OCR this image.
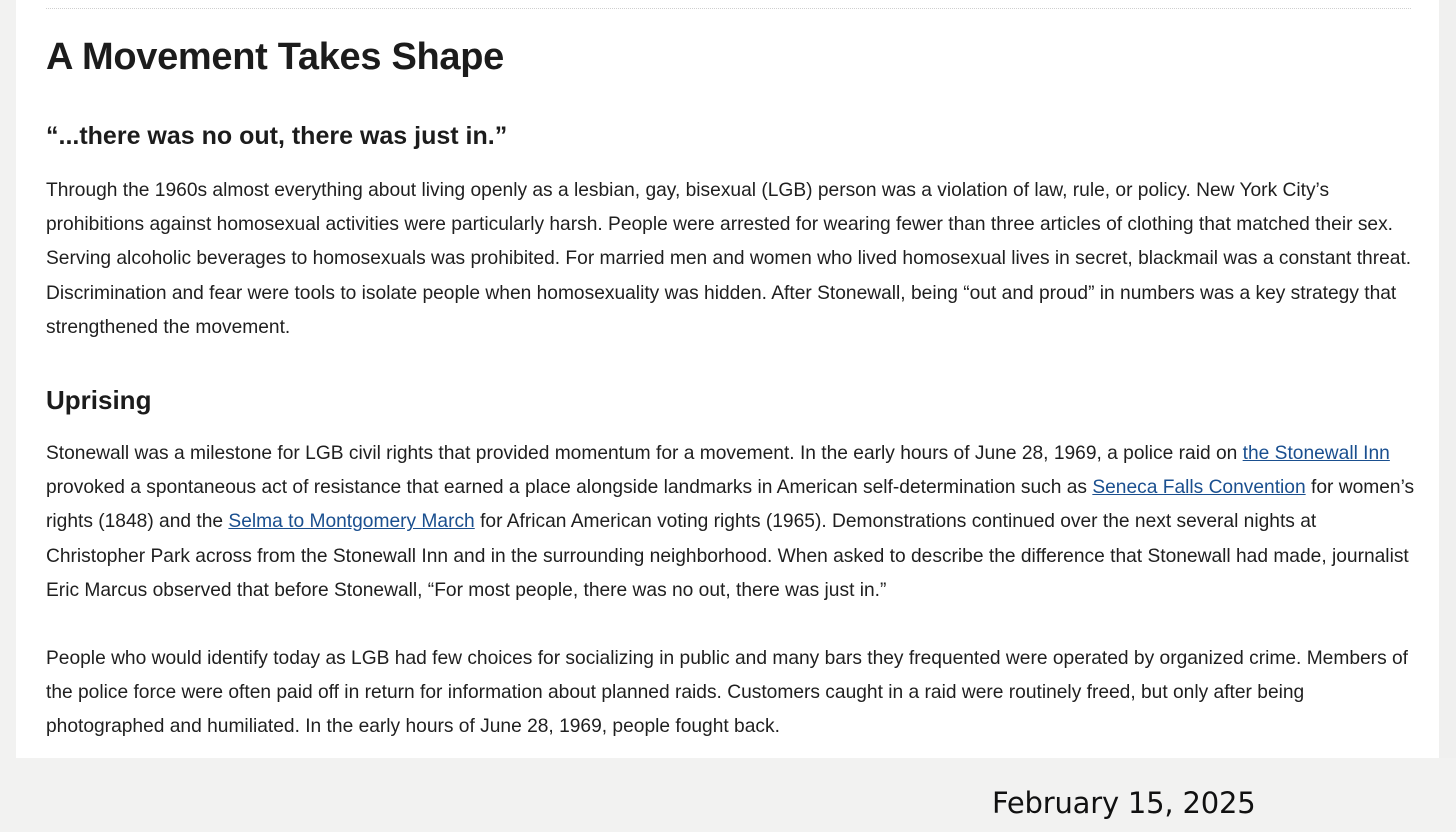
A Movement Takes Shape
“...there was no out, there was just in.”

Through the 1960s almost everything about living openly as a lesbian, gay, bisexual (LGB) person was a violation of law, rule, or policy. New York City’s prohibitions against homosexual activities were particularly harsh. People were arrested for wearing fewer than three articles of clothing that matched their sex. Serving alcoholic beverages to homosexuals was prohibited. For married men and women who lived homosexual lives in secret, blackmail was a constant threat. Discrimination and fear were tools to isolate people when homosexuality was hidden. After Stonewall, being “out and proud” in numbers was a key strategy that strengthened the movement.

Uprising

Stonewall was a milestone for LGB civil rights that provided momentum for a movement. In the early hours of June 28, 1969, a police raid on the Stonewall Inn provoked a spontaneous act of resistance that earned a place alongside landmarks in American self-determination such as Seneca Falls Convention for women’s rights (1848) and the Selma to Montgomery March for African American voting rights (1965). Demonstrations continued over the next several nights at Christopher Park across from the Stonewall Inn and in the surrounding neighborhood. When asked to describe the difference that Stonewall had made, journalist Eric Marcus observed that before Stonewall, “For most people, there was no out, there was just in.”

People who would identify today as LGB had few choices for socializing in public and many bars they frequented were operated by organized crime. Members of the police force were often paid off in return for information about planned raids. Customers caught in a raid were routinely freed, but only after being photographed and humiliated. In the early hours of June 28, 1969, people fought back.

February 15, 2025
